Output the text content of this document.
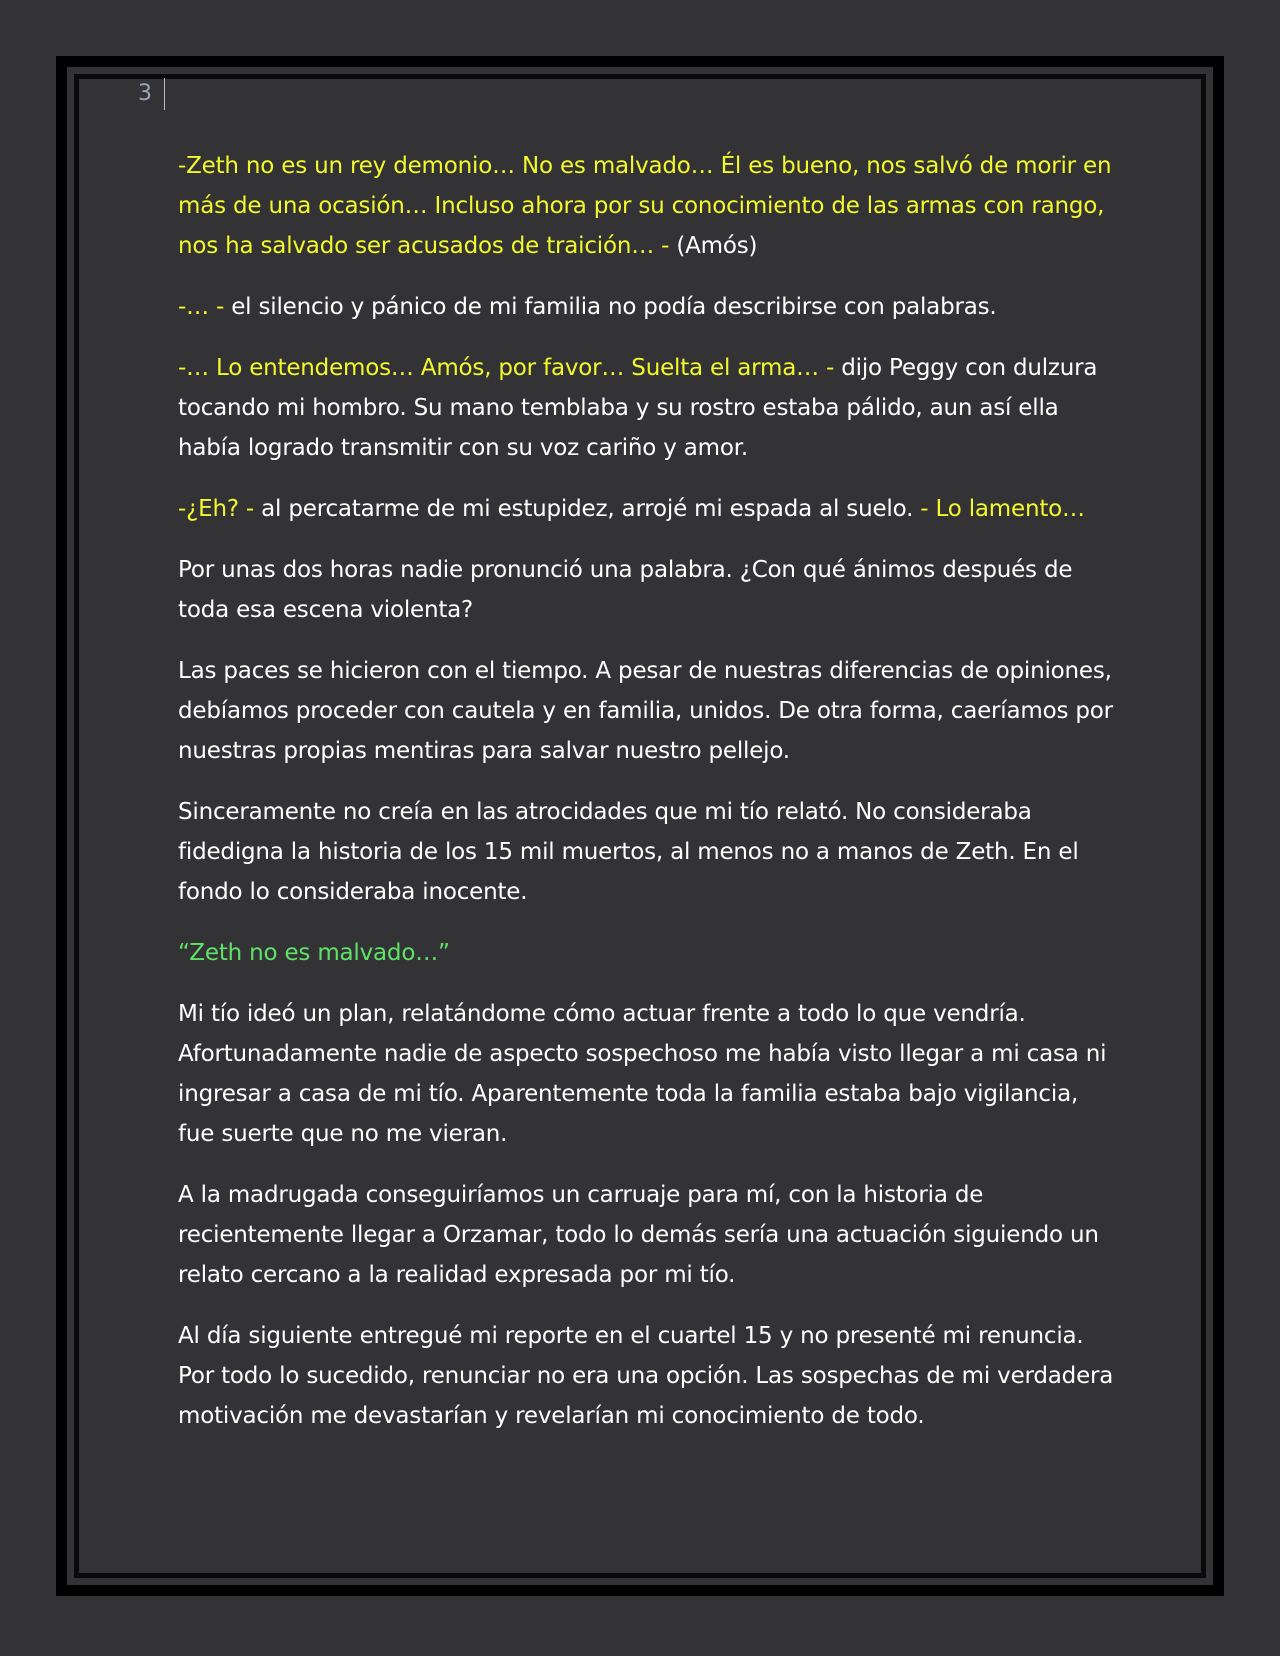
3

-Zeth no es un rey demonio… No es malvado… Él es bueno, nos salvó de morir en más de una ocasión… Incluso ahora por su conocimiento de las armas con rango, nos ha salvado ser acusados de traición… - (Amós)

-… - el silencio y pánico de mi familia no podía describirse con palabras.

-… Lo entendemos… Amós, por favor… Suelta el arma… - dijo Peggy con dulzura tocando mi hombro. Su mano temblaba y su rostro estaba pálido, aun así ella había logrado transmitir con su voz cariño y amor.

-¿Eh? - al percatarme de mi estupidez, arrojé mi espada al suelo. - Lo lamento…

Por unas dos horas nadie pronunció una palabra. ¿Con qué ánimos después de toda esa escena violenta?

Las paces se hicieron con el tiempo. A pesar de nuestras diferencias de opiniones, debíamos proceder con cautela y en familia, unidos. De otra forma, caeríamos por nuestras propias mentiras para salvar nuestro pellejo.

Sinceramente no creía en las atrocidades que mi tío relató. No consideraba fidedigna la historia de los 15 mil muertos, al menos no a manos de Zeth. En el fondo lo consideraba inocente.

“Zeth no es malvado…”

Mi tío ideó un plan, relatándome cómo actuar frente a todo lo que vendría. Afortunadamente nadie de aspecto sospechoso me había visto llegar a mi casa ni ingresar a casa de mi tío. Aparentemente toda la familia estaba bajo vigilancia, fue suerte que no me vieran.

A la madrugada conseguiríamos un carruaje para mí, con la historia de recientemente llegar a Orzamar, todo lo demás sería una actuación siguiendo un relato cercano a la realidad expresada por mi tío.

Al día siguiente entregué mi reporte en el cuartel 15 y no presenté mi renuncia. Por todo lo sucedido, renunciar no era una opción. Las sospechas de mi verdadera motivación me devastarían y revelarían mi conocimiento de todo.
